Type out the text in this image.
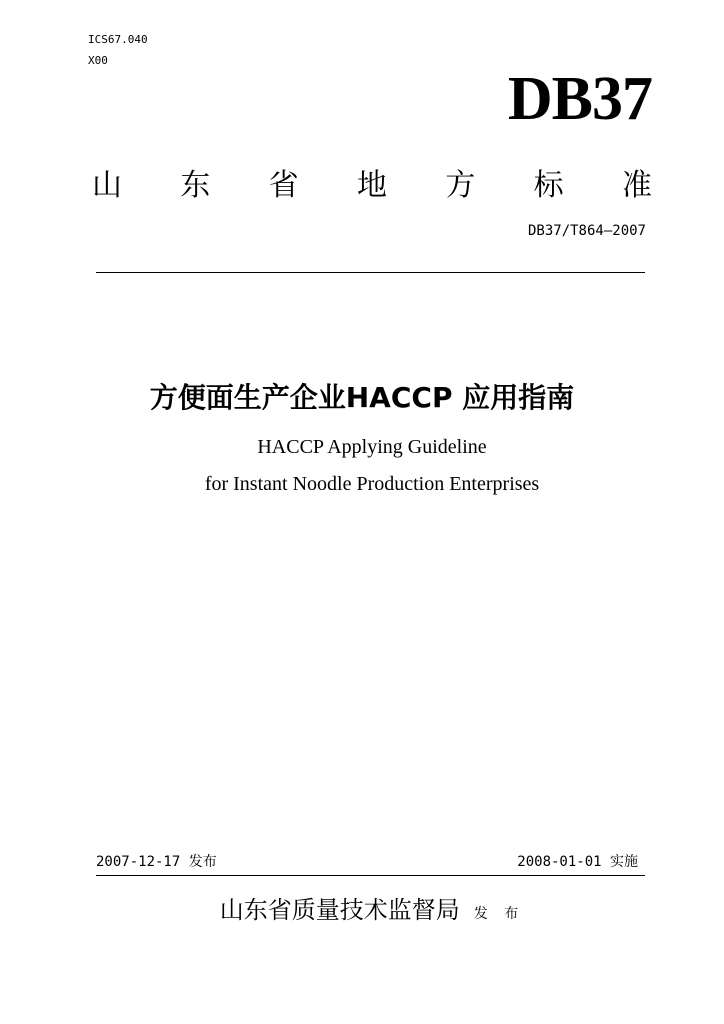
ICS67.040
X00
DB37
山 东 省 地 方 标 准
DB37/T864—2007
方便面生产企业HACCP 应用指南
HACCP Applying Guideline
for Instant Noodle Production Enterprises
2007-12-17 发布	2008-01-01 实施
山东省质量技术监督局 发 布
